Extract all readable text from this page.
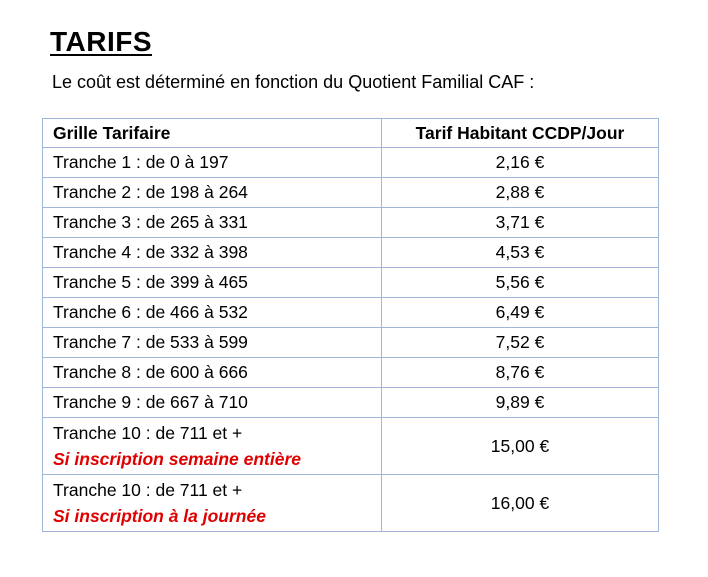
TARIFS
Le coût est déterminé en fonction du Quotient Familial CAF :
Grille Tarifaire	Tarif Habitant CCDP/Jour
Tranche 1 : de 0 à 197	2,16 €
Tranche 2 : de 198 à 264	2,88 €
Tranche 3 : de 265 à 331	3,71 €
Tranche 4 : de 332 à 398	4,53 €
Tranche 5 : de 399 à 465	5,56 €
Tranche 6 : de 466 à 532	6,49 €
Tranche 7 : de 533 à 599	7,52 €
Tranche 8 : de 600 à 666	8,76 €
Tranche 9 : de 667 à 710	9,89 €

Tranche 10 : de 711 et +
Si inscription semaine entière	15,00 €

Tranche 10 : de 711 et +
Si inscription à la journée	16,00 €
